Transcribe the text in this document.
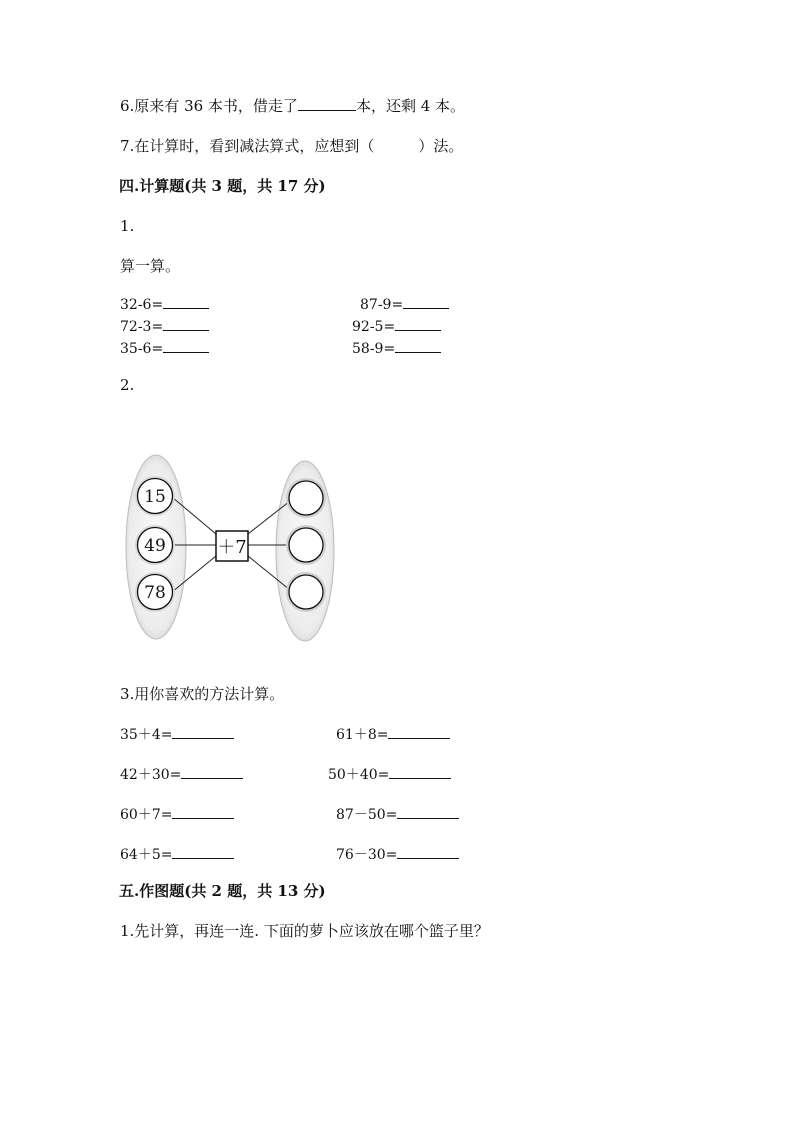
6.原来有 36 本书，借走了	本，还剩 4 本。
7.在计算时，看到减法算式，应想到（	）法。
四.计算题(共 3 题，共 17 分)
1.
算一算。
32-6=
72-3=
35-6=
87-9=
92-5=
58-9=
2.
15
49
78
＋7
3.用你喜欢的方法计算。
35＋4=
42＋30=
60＋7=
64＋5=
61＋8=
50＋40=
87－50=
76－30=
五.作图题(共 2 题，共 13 分)
1.先计算，再连一连. 下面的萝卜应该放在哪个篮子里？
